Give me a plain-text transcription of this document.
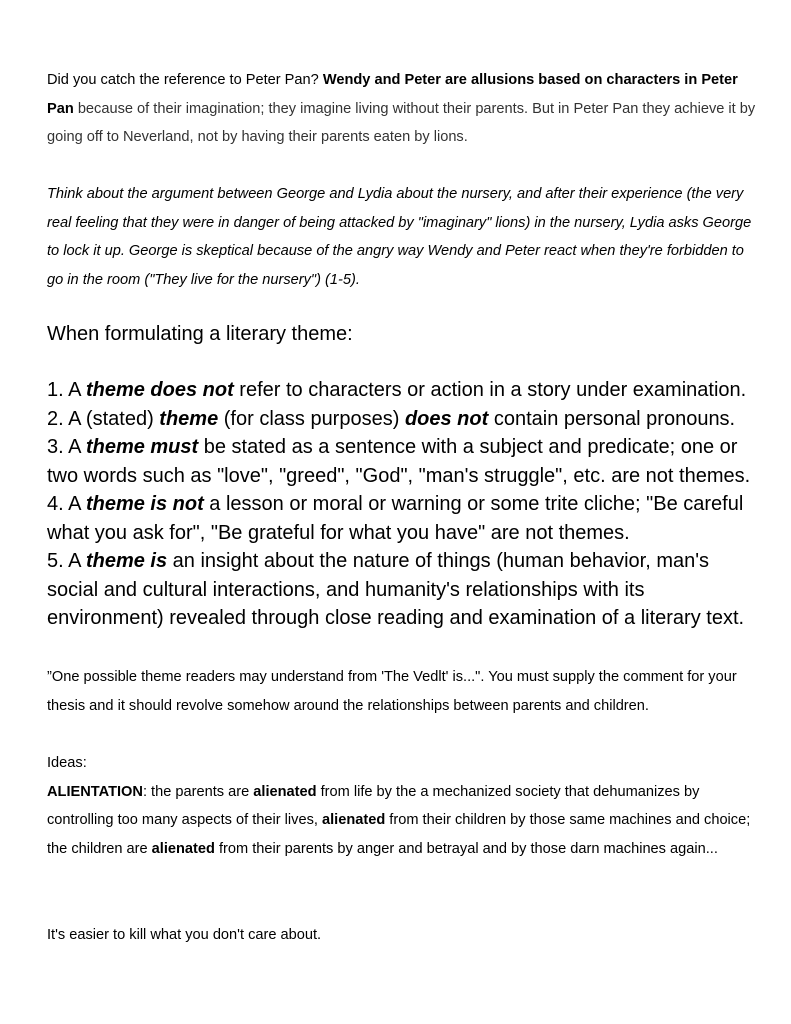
Did you catch the reference to Peter Pan? Wendy and Peter are allusions based on characters in Peter Pan because of their imagination; they imagine living without their parents. But in Peter Pan they achieve it by going off to Neverland, not by having their parents eaten by lions.

Think about the argument between George and Lydia about the nursery, and after their experience (the very real feeling that they were in danger of being attacked by "imaginary" lions) in the nursery, Lydia asks George to lock it up. George is skeptical because of the angry way Wendy and Peter react when they're forbidden to go in the room ("They live for the nursery") (1-5).

When formulating a literary theme:

1. A theme does not refer to characters or action in a story under examination.
2. A (stated) theme (for class purposes) does not contain personal pronouns.
3. A theme must be stated as a sentence with a subject and predicate; one or two words such as "love", "greed", "God", "man's struggle", etc. are not themes.
4. A theme is not a lesson or moral or warning or some trite cliche; "Be careful what you ask for", "Be grateful for what you have" are not themes.
5. A theme is an insight about the nature of things (human behavior, man's social and cultural interactions, and humanity's relationships with its environment) revealed through close reading and examination of a literary text.

”One possible theme readers may understand from 'The Vedlt' is...". You must supply the comment for your thesis and it should revolve somehow around the relationships between parents and children.

Ideas:
ALIENTATION: the parents are alienated from life by the a mechanized society that dehumanizes by controlling too many aspects of their lives, alienated from their children by those same machines and choice; the children are alienated from their parents by anger and betrayal and by those darn machines again...

It's easier to kill what you don't care about.
